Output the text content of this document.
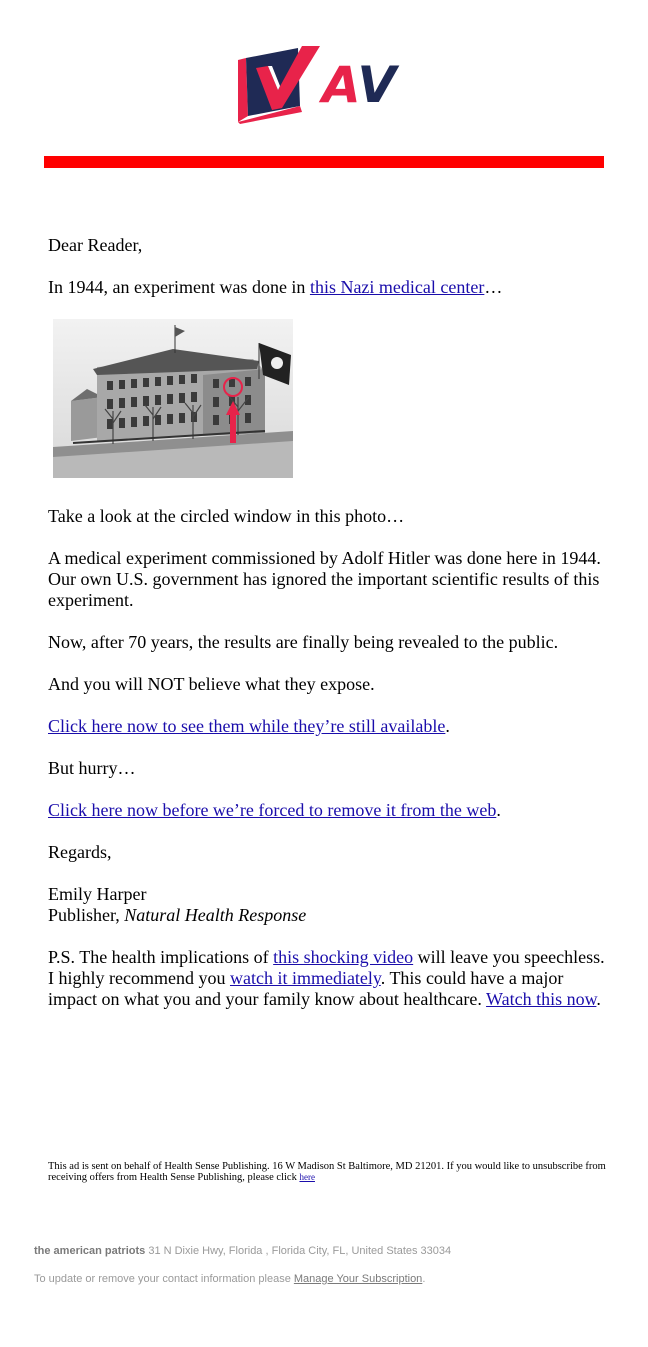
AV

Dear Reader,

In 1944, an experiment was done in this Nazi medical center…

Take a look at the circled window in this photo…

A medical experiment commissioned by Adolf Hitler was done here in 1944. Our own U.S. government has ignored the important scientific results of this experiment.

Now, after 70 years, the results are finally being revealed to the public.

And you will NOT believe what they expose.

Click here now to see them while they’re still available.

But hurry…

Click here now before we’re forced to remove it from the web.

Regards,

Emily Harper
Publisher, Natural Health Response

P.S. The health implications of this shocking video will leave you speechless. I highly recommend you watch it immediately. This could have a major impact on what you and your family know about healthcare. Watch this now.

This ad is sent on behalf of Health Sense Publishing. 16 W Madison St Baltimore, MD 21201. If you would like to unsubscribe from receiving offers from Health Sense Publishing, please click here
the american patriots 31 N Dixie Hwy, Florida , Florida City, FL, United States 33034
To update or remove your contact information please Manage Your Subscription.
